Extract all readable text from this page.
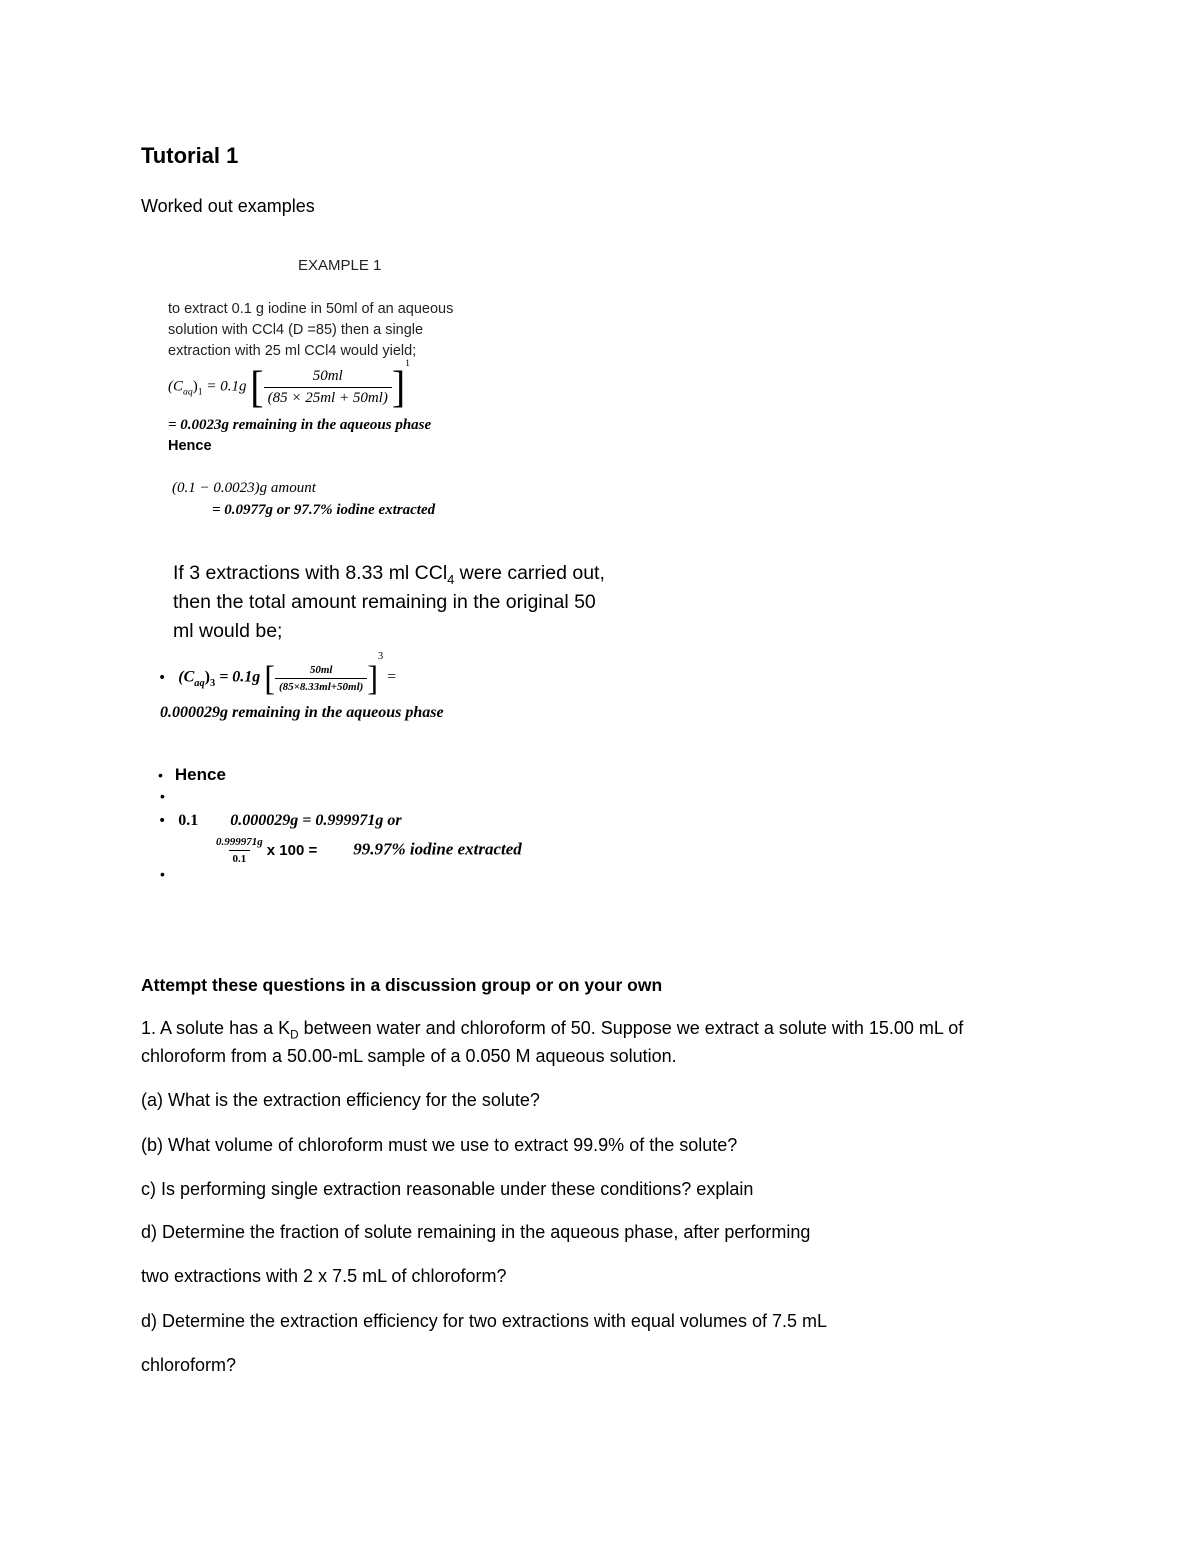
Tutorial 1
Worked out examples
EXAMPLE 1
to extract 0.1 g iodine in 50ml of an aqueous
solution with CCl4 (D =85) then a single
extraction with 25 ml CCl4 would yield;
$(C_{aq})_1 = 0.1g$ [ $\frac{50ml}{(85 \times 25ml + 50ml)} ]^1$
= 0.0023g remaining in the aqueous phase
Hence
(0.1 − 0.0023)g amount
= 0.0977g or 97.7% iodine extracted
If 3 extractions with 8.33 ml CCl$_4$ were carried out,
then the total amount remaining in the original 50
ml would be;
• $(C_{aq})_3 = 0.1g$ [ $\frac{50ml}{(85\times 8.33ml+50ml)} ]^3$ =
0.000029g remaining in the aqueous phase
• Hence
•
• 0.1 0.000029g = 0.999971g or
$\frac{0.999971g}{0.1}$ x 100 = 99.97% iodine extracted
•
Attempt these questions in a discussion group or on your own
1. A solute has a $K_D$ between water and chloroform of 50. Suppose we extract a solute with 15.00 mL of
chloroform from a 50.00-mL sample of a 0.050 M aqueous solution.
(a) What is the extraction efficiency for the solute?
(b) What volume of chloroform must we use to extract 99.9% of the solute?
c) Is performing single extraction reasonable under these conditions? explain
d) Determine the fraction of solute remaining in the aqueous phase, after performing
two extractions with 2 x 7.5 mL of chloroform?
d) Determine the extraction efficiency for two extractions with equal volumes of 7.5 mL
chloroform?
